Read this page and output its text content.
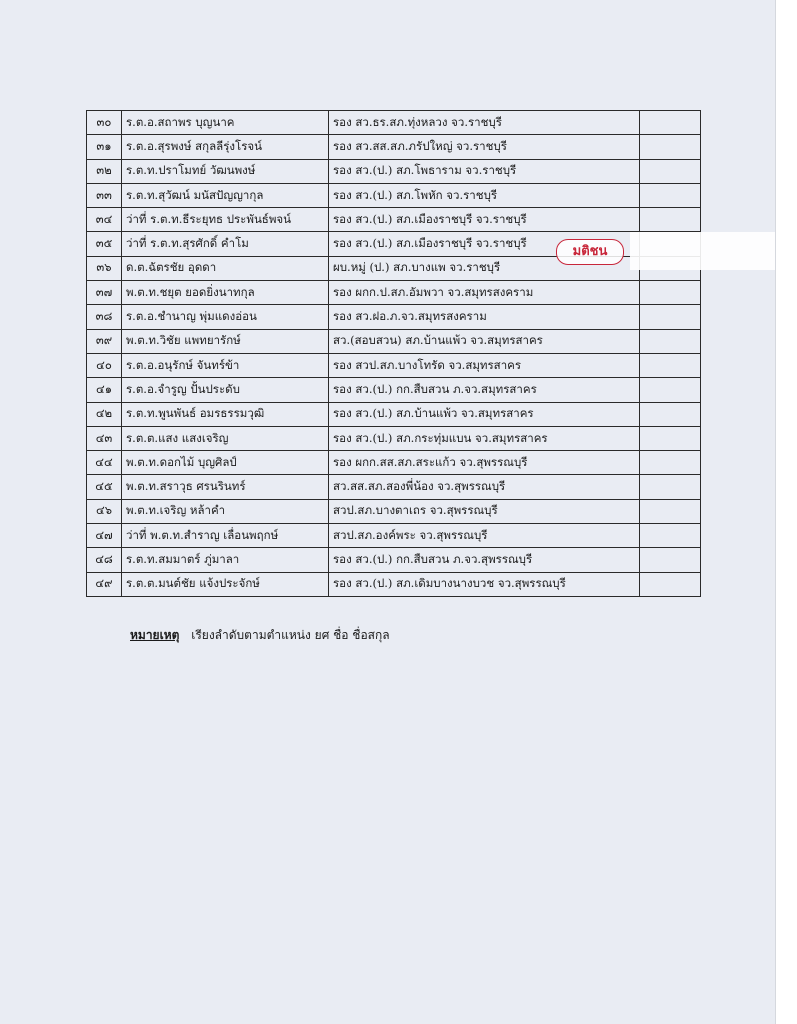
๓๐	ร.ต.อ.สถาพร บุญนาค	รอง สว.ธร.สภ.ทุ่งหลวง จว.ราชบุรี	
๓๑	ร.ต.อ.สุรพงษ์ สกุลลีรุ่งโรจน์	รอง สว.สส.สภ.ภรัปใหญ่ จว.ราชบุรี	
๓๒	ร.ต.ท.ปราโมทย์ วัฒนพงษ์	รอง สว.(ป.) สภ.โพธาราม จว.ราชบุรี	
๓๓	ร.ต.ท.สุวัฒน์ มนัสปัญญากุล	รอง สว.(ป.) สภ.โพหัก จว.ราชบุรี	
๓๔	ว่าที่ ร.ต.ท.ธีระยุทธ ประพันธ์พจน์	รอง สว.(ป.) สภ.เมืองราชบุรี จว.ราชบุรี	
๓๕	ว่าที่ ร.ต.ท.สุรศักดิ์ คำโม	รอง สว.(ป.) สภ.เมืองราชบุรี จว.ราชบุรี	
๓๖	ด.ต.ฉัตรชัย อุดดา	ผบ.หมู่ (ป.) สภ.บางแพ จว.ราชบุรี	
๓๗	พ.ต.ท.ชยุต ยอดยิ่งนาทกุล	รอง ผกก.ป.สภ.อัมพวา จว.สมุทรสงคราม	
๓๘	ร.ต.อ.ชำนาญ พุ่มแดงอ่อน	รอง สว.ฝอ.ภ.จว.สมุทรสงคราม	
๓๙	พ.ต.ท.วิชัย แพทยารักษ์	สว.(สอบสวน) สภ.บ้านแพ้ว จว.สมุทรสาคร	
๔๐	ร.ต.อ.อนุรักษ์ จันทร์ข้า	รอง สวป.สภ.บางโทรัด จว.สมุทรสาคร	
๔๑	ร.ต.อ.จำรูญ ปั้นประดับ	รอง สว.(ป.) กก.สืบสวน ภ.จว.สมุทรสาคร	
๔๒	ร.ต.ท.พูนพันธ์ อมรธรรมวุฒิ	รอง สว.(ป.) สภ.บ้านแพ้ว จว.สมุทรสาคร	
๔๓	ร.ต.ต.แสง แสงเจริญ	รอง สว.(ป.) สภ.กระทุ่มแบน จว.สมุทรสาคร	
๔๔	พ.ต.ท.ดอกไม้ บุญศิลป์	รอง ผกก.สส.สภ.สระแก้ว จว.สุพรรณบุรี	
๔๕	พ.ต.ท.สราวุธ ศรนรินทร์	สว.สส.สภ.สองพี่น้อง จว.สุพรรณบุรี	
๔๖	พ.ต.ท.เจริญ หล้าคำ	สวป.สภ.บางตาเถร จว.สุพรรณบุรี	
๔๗	ว่าที่ พ.ต.ท.สำราญ เลื่อนพฤกษ์	สวป.สภ.องค์พระ จว.สุพรรณบุรี	
๔๘	ร.ต.ท.สมมาตร์ ภู่มาลา	รอง สว.(ป.) กก.สืบสวน ภ.จว.สุพรรณบุรี	
๔๙	ร.ต.ต.มนต์ชัย แจ้งประจักษ์	รอง สว.(ป.) สภ.เดิมบางนางบวช จว.สุพรรณบุรี	
หมายเหตุ เรียงลำดับตามตำแหน่ง ยศ ชื่อ ชื่อสกุล
มติชน
